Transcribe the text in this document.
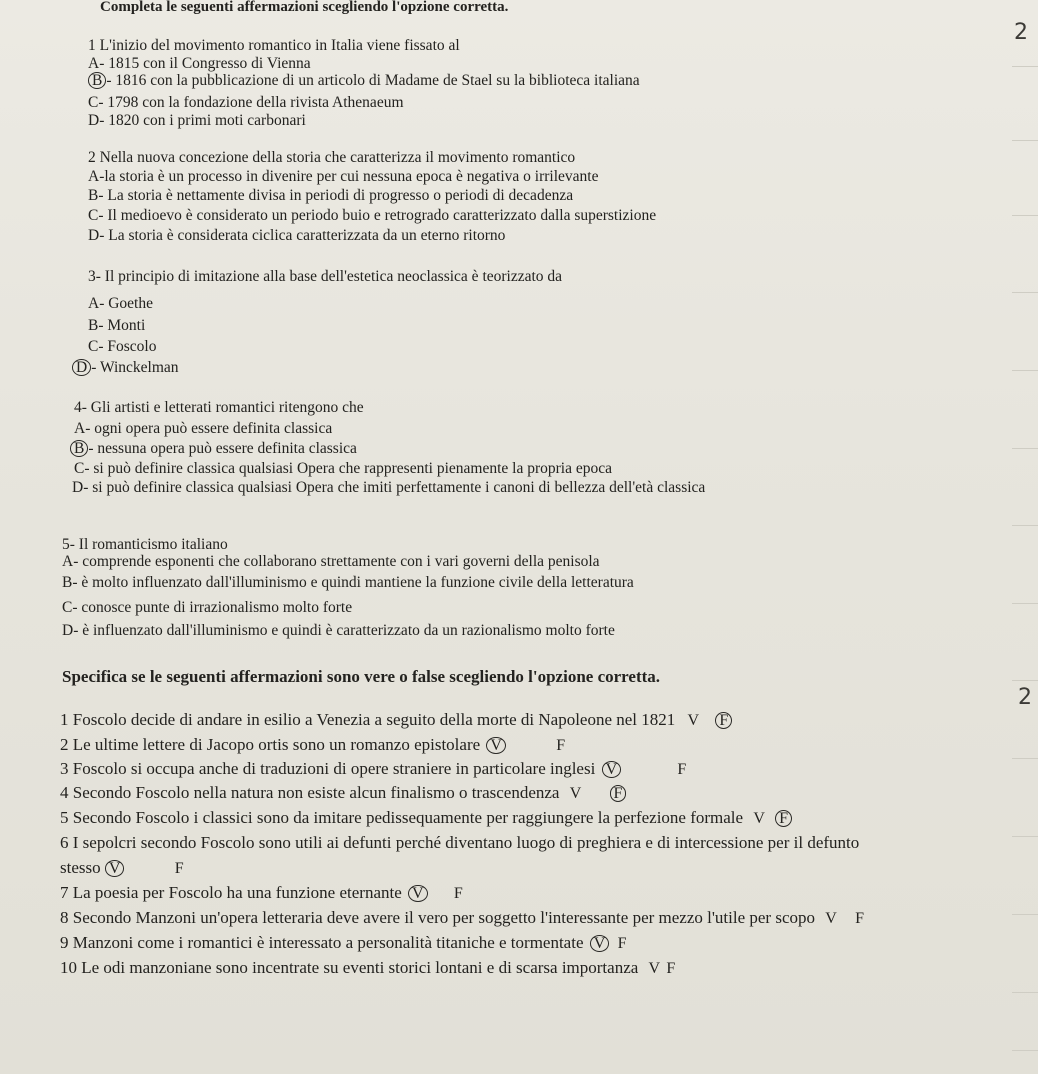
Completa le seguenti affermazioni scegliendo l'opzione corretta.
2
1 L'inizio del movimento romantico in Italia viene fissato al
A- 1815 con il Congresso di Vienna
B - 1816 con la pubblicazione di un articolo di Madame de Stael su la biblioteca italiana
C- 1798 con la fondazione della rivista Athenaeum
D- 1820 con i primi moti carbonari
2 Nella nuova concezione della storia che caratterizza il movimento romantico
A-la storia è un processo in divenire per cui nessuna epoca è negativa o irrilevante
B- La storia è nettamente divisa in periodi di progresso o periodi di decadenza
C- Il medioevo è considerato un periodo buio e retrogrado caratterizzato dalla superstizione
D- La storia è considerata ciclica caratterizzata da un eterno ritorno
3- Il principio di imitazione alla base dell'estetica neoclassica è teorizzato da
A- Goethe
B- Monti
C- Foscolo
D - Winckelman
4- Gli artisti e letterati romantici ritengono che
A- ogni opera può essere definita classica
B - nessuna opera può essere definita classica
C- si può definire classica qualsiasi Opera che rappresenti pienamente la propria epoca
D- si può definire classica qualsiasi Opera che imiti perfettamente i canoni di bellezza dell'età classica
5- Il romanticismo italiano
A- comprende esponenti che collaborano strettamente con i vari governi della penisola
B- è molto influenzato dall'illuminismo e quindi mantiene la funzione civile della letteratura
C- conosce punte di irrazionalismo molto forte
D- è influenzato dall'illuminismo e quindi è caratterizzato da un razionalismo molto forte
Specifica se le seguenti affermazioni sono vere o false scegliendo l'opzione corretta.
2
1 Foscolo decide di andare in esilio a Venezia a seguito della morte di Napoleone nel 1821 V F
2 Le ultime lettere di Jacopo ortis sono un romanzo epistolare V	F
3 Foscolo si occupa anche di traduzioni di opere straniere in particolare inglesi V	F
4 Secondo Foscolo nella natura non esiste alcun finalismo o trascendenza V F
5 Secondo Foscolo i classici sono da imitare pedissequamente per raggiungere la perfezione formale V F
6 I sepolcri secondo Foscolo sono utili ai defunti perché diventano luogo di preghiera e di intercessione per il defunto
stesso V	F
7 La poesia per Foscolo ha una funzione eternante V F
8 Secondo Manzoni un'opera letteraria deve avere il vero per soggetto l'interessante per mezzo l'utile per scopo V F
9 Manzoni come i romantici è interessato a personalità titaniche e tormentate V F
10 Le odi manzoniane sono incentrate su eventi storici lontani e di scarsa importanza V F
